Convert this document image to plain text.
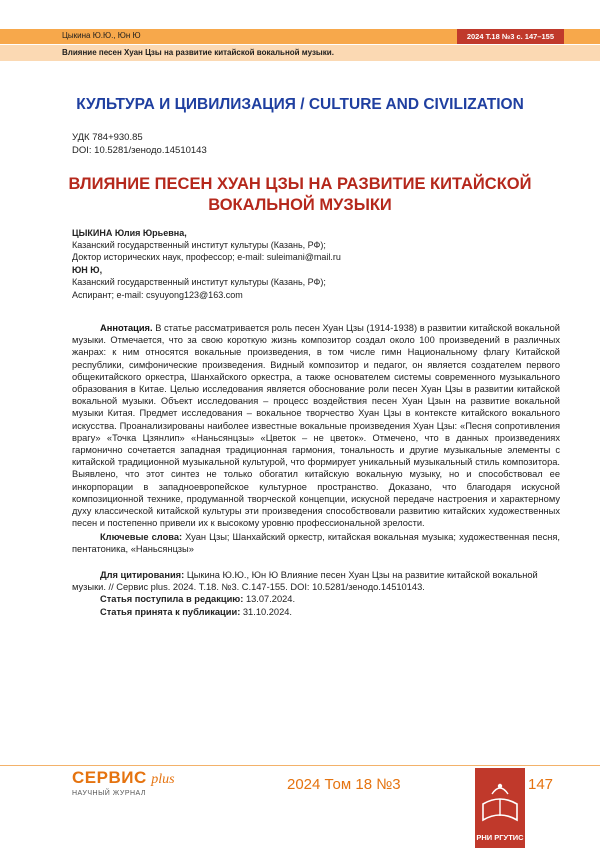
Цыкина Ю.Ю., Юн Ю	2024 Т.18 №3 с. 147–155
Влияние песен Хуан Цзы на развитие китайской вокальной музыки.
КУЛЬТУРА И ЦИВИЛИЗАЦИЯ / CULTURE AND CIVILIZATION
УДК 784+930.85
DOI: 10.5281/зенодо.14510143
ВЛИЯНИЕ ПЕСЕН ХУАН ЦЗЫ НА РАЗВИТИЕ КИТАЙСКОЙ ВОКАЛЬНОЙ МУЗЫКИ
ЦЫКИНА Юлия Юрьевна,
Казанский государственный институт культуры (Казань, РФ);
Доктор исторических наук, профессор; e-mail: suleimani@mail.ru
ЮН Ю,
Казанский государственный институт культуры (Казань, РФ);
Аспирант; e-mail: csyuyong123@163.com

Аннотация. В статье рассматривается роль песен Хуан Цзы (1914-1938) в развитии китайской вокальной музыки. Отмечается, что за свою короткую жизнь композитор создал около 100 произведений в различных жанрах: к ним относятся вокальные произведения, в том числе гимн Национальному флагу Китайской республики, симфонические произведения. Видный композитор и педагог, он является создателем первого общекитайского оркестра, Шанхайского оркестра, а также основателем системы современного музыкального образования в Китае. Целью исследования является обоснование роли песен Хуан Цзы в развитии китайской вокальной музыки. Объект исследования – процесс воздействия песен Хуан Цзын на развитие вокальной музыки Китая. Предмет исследования – вокальное творчество Хуан Цзы в контексте китайского вокального искусства. Проанализированы наиболее известные вокальные произведения Хуан Цзы: «Песня сопротивления врагу» «Точка Цзянлип» «Наньсянцзы» «Цветок – не цветок». Отмечено, что в данных произведениях гармонично сочетается западная традиционная гармония, тональность и другие музыкальные элементы с китайской традиционной музыкальной культурой, что формирует уникальный музыкальный стиль композитора. Выявлено, что этот синтез не только обогатил китайскую вокальную музыку, но и способствовал ее инкорпорации в западноевропейское культурное пространство. Доказано, что благодаря искусной композиционной технике, продуманной творческой концепции, искусной передаче настроения и характерному духу классической китайской культуры эти произведения способствовали развитию китайских художественных песен и постепенно привели их к высокому уровню профессиональной зрелости.

Ключевые слова: Хуан Цзы; Шанхайский оркестр, китайская вокальная музыка; художественная песня, пентатоника, «Наньсянцзы»

Для цитирования: Цыкина Ю.Ю., Юн Ю Влияние песен Хуан Цзы на развитие китайской вокальной музыки. // Сервис plus. 2024. Т.18. №3. С.147-155. DOI: 10.5281/зенодо.14510143.

Статья поступила в редакцию: 13.07.2024.

Статья принята к публикации: 31.10.2024.

СЕРВИС plus
НАУЧНЫЙ ЖУРНАЛ
2024 Том 18 №3
РНИ РГУТИС
147
